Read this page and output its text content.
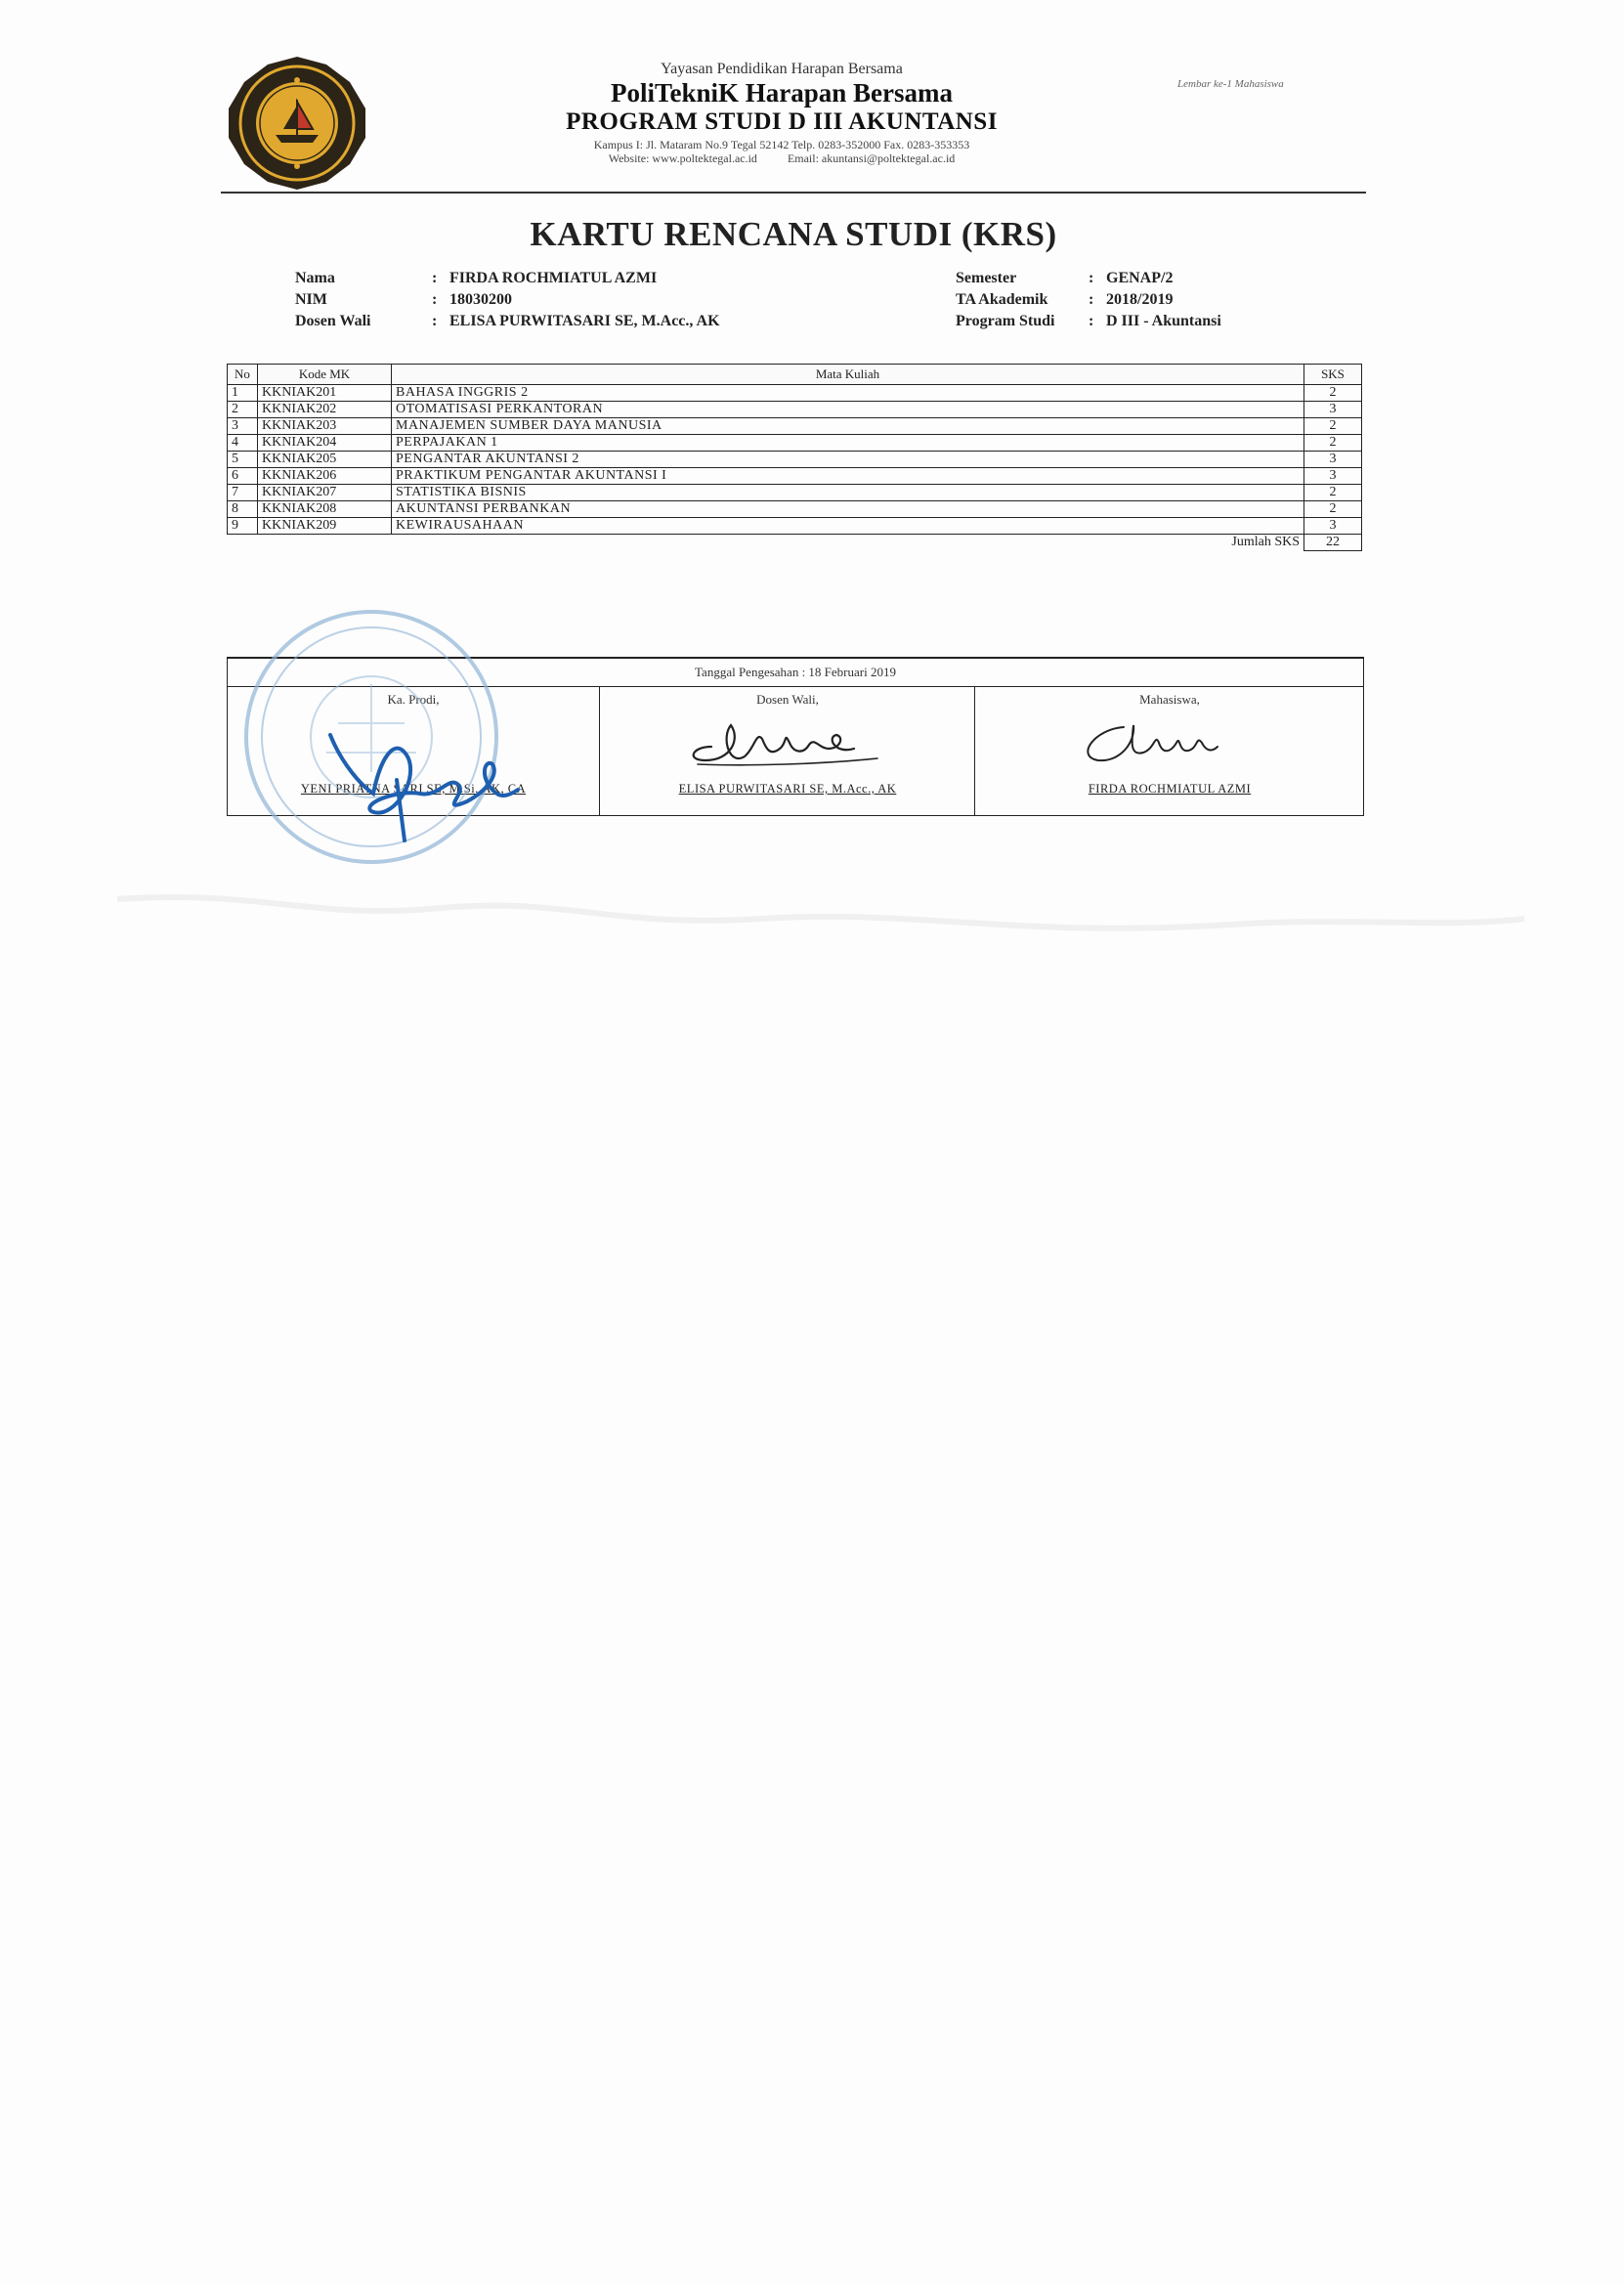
Yayasan Pendidikan Harapan Bersama
PoliTekniK Harapan Bersama
PROGRAM STUDI D III AKUNTANSI
Kampus I: Jl. Mataram No.9 Tegal 52142 Telp. 0283-352000 Fax. 0283-353353
Website: www.poltektegal.ac.id	Email: akuntansi@poltektegal.ac.id
Lembar ke-1 Mahasiswa
KARTU RENCANA STUDI (KRS)
Nama	: FIRDA ROCHMIATUL AZMI
NIM	: 18030200
Dosen Wali	: ELISA PURWITASARI SE, M.Acc., AK
Semester	: GENAP/2
TA Akademik	: 2018/2019
Program Studi	: D III - Akuntansi
No	Kode MK	Mata Kuliah	SKS
1	KKNIAK201	BAHASA INGGRIS 2	2
2	KKNIAK202	OTOMATISASI PERKANTORAN	3
3	KKNIAK203	MANAJEMEN SUMBER DAYA MANUSIA	2
4	KKNIAK204	PERPAJAKAN 1	2
5	KKNIAK205	PENGANTAR AKUNTANSI 2	3
6	KKNIAK206	PRAKTIKUM PENGANTAR AKUNTANSI I	3
7	KKNIAK207	STATISTIKA BISNIS	2
8	KKNIAK208	AKUNTANSI PERBANKAN	2
9	KKNIAK209	KEWIRAUSAHAAN	3
		Jumlah SKS	22
Tanggal Pengesahan : 18 Februari 2019
Ka. Prodi,
YENI PRIATNA SARI SE, M.Si.,AK, CA
Dosen Wali,
ELISA PURWITASARI SE, M.Acc., AK
Mahasiswa,
FIRDA ROCHMIATUL AZMI
